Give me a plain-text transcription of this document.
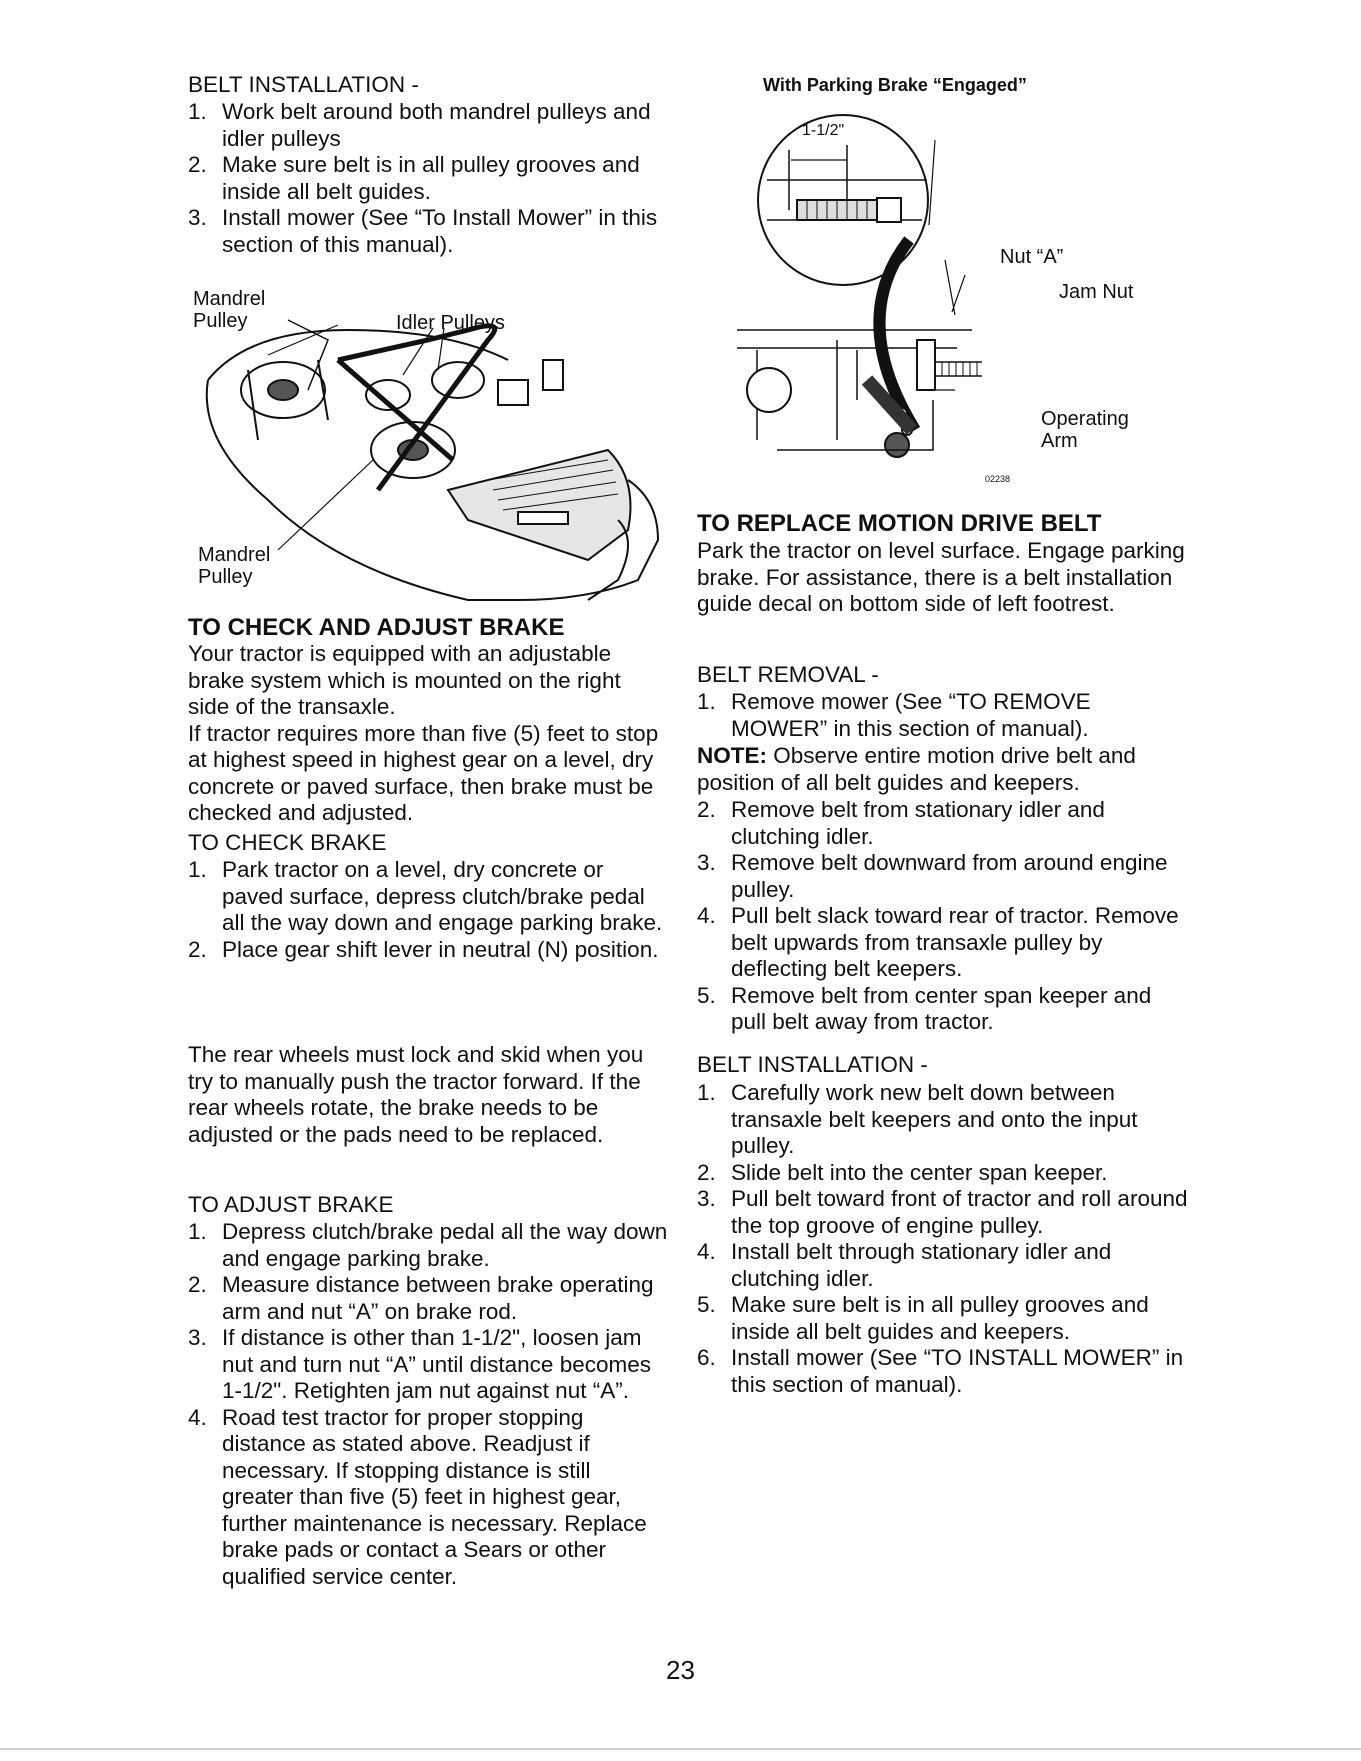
BELT INSTALLATION -
1. Work belt around both mandrel pulleys and idler pulleys
2. Make sure belt is in all pulley grooves and inside all belt guides.
3. Install mower (See “To Install Mower” in this section of this manual).
Mandrel Pulley	Idler Pulleys
Mandrel Pulley
TO CHECK AND ADJUST BRAKE

Your tractor is equipped with an adjustable brake system which is mounted on the right side of the transaxle.

If tractor requires more than five (5) feet to stop at highest speed in highest gear on a level, dry concrete or paved surface, then brake must be checked and adjusted.

TO CHECK BRAKE
1. Park tractor on a level, dry concrete or paved surface, depress clutch/brake pedal all the way down and engage parking brake.
2. Place gear shift lever in neutral (N) position.
The rear wheels must lock and skid when you try to manually push the tractor forward. If the rear wheels rotate, the brake needs to be adjusted or the pads need to be replaced.
TO ADJUST BRAKE
1. Depress clutch/brake pedal all the way down and engage parking brake.
2. Measure distance between brake operating arm and nut “A” on brake rod.
3. If distance is other than 1-1/2", loosen jam nut and turn nut “A” until distance becomes 1-1/2". Retighten jam nut against nut “A”.
4. Road test tractor for proper stopping distance as stated above. Readjust if necessary. If stopping distance is still greater than five (5) feet in highest gear, further maintenance is necessary. Replace brake pads or contact a Sears or other qualified service center.
With Parking Brake “Engaged”
1-1/2"
Nut “A”
Jam Nut
Operating Arm
02238
TO REPLACE MOTION DRIVE BELT
Park the tractor on level surface. Engage parking brake. For assistance, there is a belt installation guide decal on bottom side of left footrest.
BELT REMOVAL -
1. Remove mower (See “TO REMOVE MOWER” in this section of manual).
NOTE: Observe entire motion drive belt and position of all belt guides and keepers.
2. Remove belt from stationary idler and clutching idler.
3. Remove belt downward from around engine pulley.
4. Pull belt slack toward rear of tractor. Remove belt upwards from transaxle pulley by deflecting belt keepers.
5. Remove belt from center span keeper and pull belt away from tractor.
BELT INSTALLATION -
1. Carefully work new belt down between transaxle belt keepers and onto the input pulley.
2. Slide belt into the center span keeper.
3. Pull belt toward front of tractor and roll around the top groove of engine pulley.
4. Install belt through stationary idler and clutching idler.
5. Make sure belt is in all pulley grooves and inside all belt guides and keepers.
6. Install mower (See “TO INSTALL MOWER” in this section of manual).
23
